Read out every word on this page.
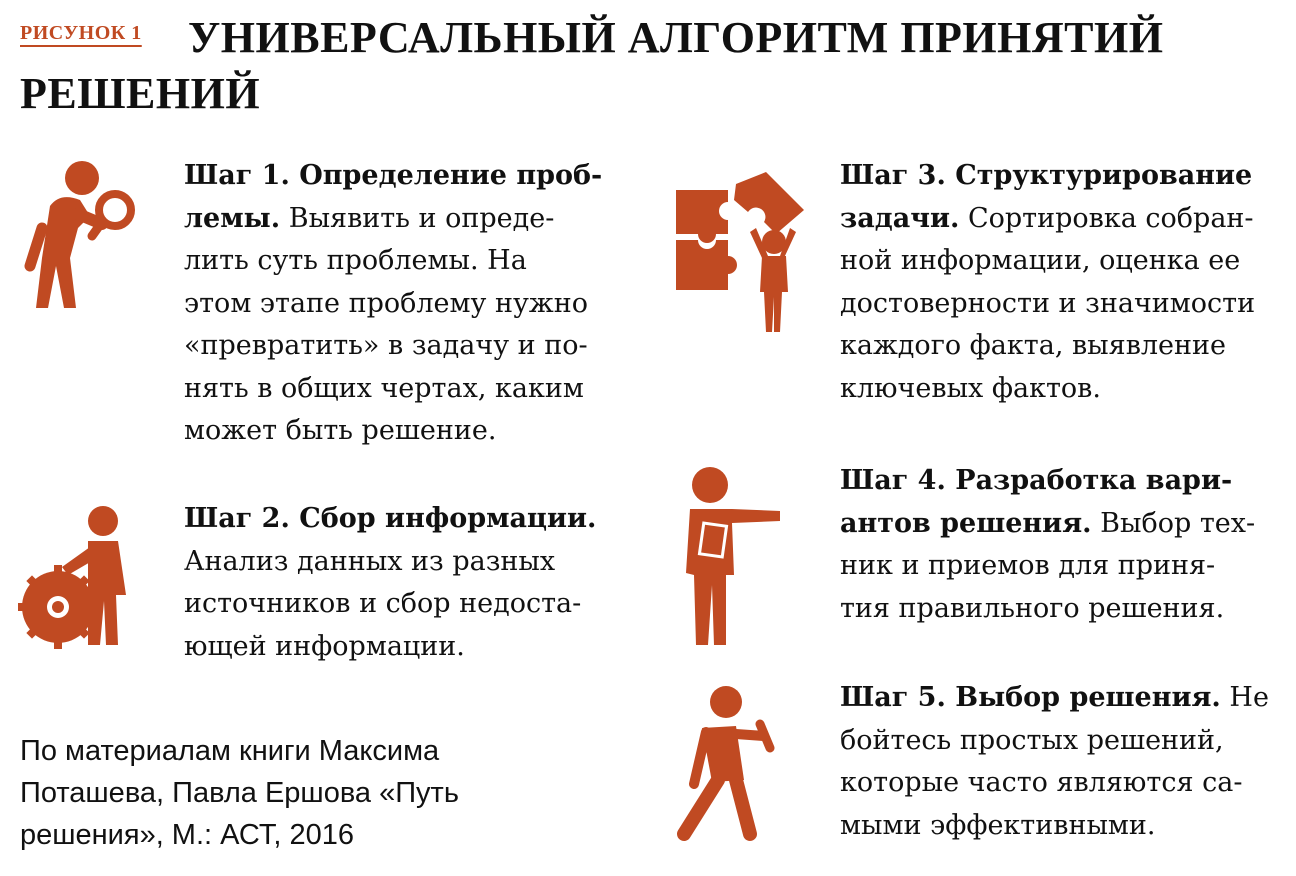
РИСУНОК 1 УНИВЕРСАЛЬНЫЙ АЛГОРИТМ ПРИНЯТИЙ
РЕШЕНИЙ
Шаг 1. Определение проб-
лемы. Выявить и опреде-
лить суть проблемы. На
этом этапе проблему нужно
«превратить» в задачу и по-
нять в общих чертах, каким
может быть решение.
Шаг 2. Сбор информации.
Анализ данных из разных
источников и сбор недоста-
ющей информации.
Шаг 3. Структурирование
задачи. Сортировка собран-
ной информации, оценка ее
достоверности и значимости
каждого факта, выявление
ключевых фактов.
Шаг 4. Разработка вари-
антов решения. Выбор тех-
ник и приемов для приня-
тия правильного решения.
Шаг 5. Выбор решения. Не
бойтесь простых решений,
которые часто являются са-
мыми эффективными.
По материалам книги Максима
Поташева, Павла Ершова «Путь
решения», М.: АСТ, 2016
